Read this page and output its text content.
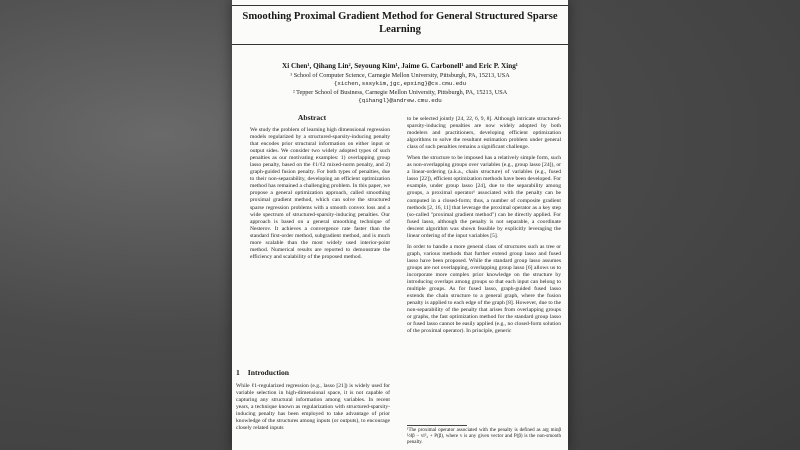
Smoothing Proximal Gradient Method for General Structured Sparse Learning
Xi Chen¹, Qihang Lin², Seyoung Kim¹, Jaime G. Carbonell¹ and Eric P. Xing¹
¹ School of Computer Science, Carnegie Mellon University, Pittsburgh, PA, 15213, USA
{xichen,sssykim,jgc,epxing}@cs.cmu.edu
² Tepper School of Business, Carnegie Mellon University, Pittsburgh, PA, 15213, USA
{qihangl}@andrew.cmu.edu
Abstract
We study the problem of learning high dimensional regression models regularized by a structured-sparsity-inducing penalty that encodes prior structural information on either input or output sides. We consider two widely adopted types of such penalties as our motivating examples: 1) overlapping group lasso penalty, based on the ℓ1/ℓ2 mixed-norm penalty, and 2) graph-guided fusion penalty. For both types of penalties, due to their non-separability, developing an efficient optimization method has remained a challenging problem. In this paper, we propose a general optimization approach, called smoothing proximal gradient method, which can solve the structured sparse regression problems with a smooth convex loss and a wide spectrum of structured-sparsity-inducing penalties. Our approach is based on a general smoothing technique of Nesterov. It achieves a convergence rate faster than the standard first-order method, subgradient method, and is much more scalable than the most widely used interior-point method. Numerical results are reported to demonstrate the efficiency and scalability of the proposed method.
1 Introduction
While ℓ1-regularized regression (e.g., lasso [21]) is widely used for variable selection in high-dimensional space, it is not capable of capturing any structural information among variables. In recent years, a technique known as regularization with structured-sparsity-inducing penalty has been employed to take advantage of prior knowledge of the structures among inputs (or outputs), to encourage closely related inputs

to be selected jointly [24, 22, 6, 9, 8]. Although intricate structured-sparsity-inducing penalties are now widely adopted by both modelers and practitioners, developing efficient optimization algorithms to solve the resultant estimation problem under general class of such penalties remains a significant challenge.

When the structure to be imposed has a relatively simple form, such as non-overlapping groups over variables (e.g., group lasso [24]), or a linear-ordering (a.k.a., chain structure) of variables (e.g., fused lasso [22]), efficient optimization methods have been developed. For example, under group lasso [24], due to the separability among groups, a proximal operator¹ associated with the penalty can be computed in a closed-form; thus, a number of composite gradient methods [2, 16, 11] that leverage the proximal operator as a key step (so-called "proximal gradient method") can be directly applied. For fused lasso, although the penalty is not separable, a coordinate descent algorithm was shown feasible by explicitly leveraging the linear ordering of the input variables [5].

In order to handle a more general class of structures such as tree or graph, various methods that further extend group lasso and fused lasso have been proposed. While the standard group lasso assumes groups are not overlapping, overlapping group lasso [6] allows us to incorporate more complex prior knowledge on the structure by introducing overlaps among groups so that each input can belong to multiple groups. As for fused lasso, graph-guided fused lasso extends the chain structure to a general graph, where the fusion penalty is applied to each edge of the graph [8]. However, due to the non-separability of the penalty that arises from overlapping groups or graphs, the fast optimization method for the standard group lasso or fused lasso cannot be easily applied (e.g., no closed-form solution of the proximal operator). In principle, generic

¹The proximal operator associated with the penalty is defined as arg minβ ½‖β − v‖²₂ + P(β), where v is any given vector and P(β) is the non-smooth penalty.
